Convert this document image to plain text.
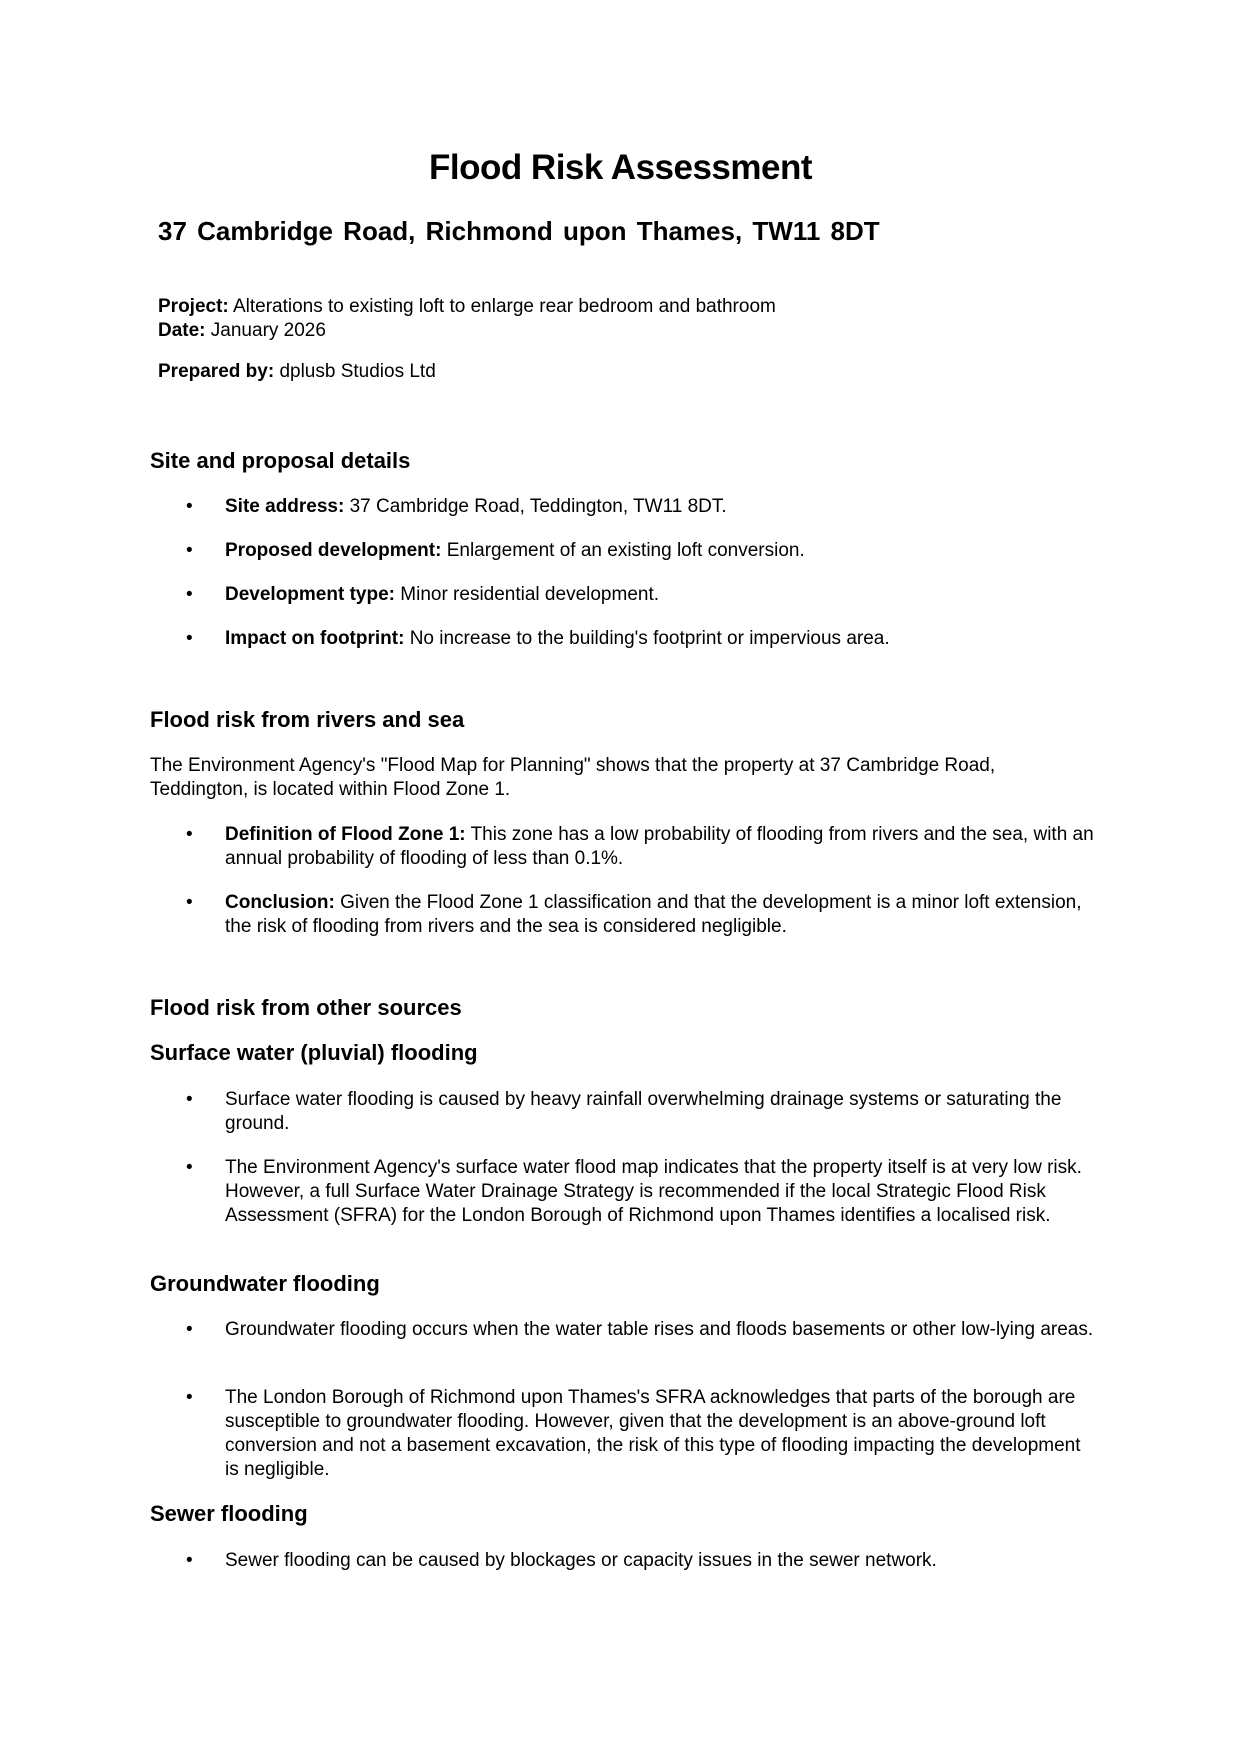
Flood Risk Assessment
37 Cambridge Road, Richmond upon Thames, TW11 8DT
Project: Alterations to existing loft to enlarge rear bedroom and bathroom
Date: January 2026
Prepared by: dplusb Studios Ltd
Site and proposal details
• Site address: 37 Cambridge Road, Teddington, TW11 8DT.
• Proposed development: Enlargement of an existing loft conversion.
• Development type: Minor residential development.
• Impact on footprint: No increase to the building's footprint or impervious area.
Flood risk from rivers and sea

The Environment Agency's "Flood Map for Planning" shows that the property at 37 Cambridge Road,
Teddington, is located within Flood Zone 1.

• Definition of Flood Zone 1: This zone has a low probability of flooding from rivers and the sea, with an annual probability of flooding of less than 0.1%.
• Conclusion: Given the Flood Zone 1 classification and that the development is a minor loft extension, the risk of flooding from rivers and the sea is considered negligible.
Flood risk from other sources
Surface water (pluvial) flooding
• Surface water flooding is caused by heavy rainfall overwhelming drainage systems or saturating the ground.
• The Environment Agency's surface water flood map indicates that the property itself is at very low risk. However, a full Surface Water Drainage Strategy is recommended if the local Strategic Flood Risk Assessment (SFRA) for the London Borough of Richmond upon Thames identifies a localised risk.
Groundwater flooding
• Groundwater flooding occurs when the water table rises and floods basements or other low-lying areas.
• The London Borough of Richmond upon Thames's SFRA acknowledges that parts of the borough are susceptible to groundwater flooding. However, given that the development is an above-ground loft conversion and not a basement excavation, the risk of this type of flooding impacting the development is negligible.
Sewer flooding
• Sewer flooding can be caused by blockages or capacity issues in the sewer network.
